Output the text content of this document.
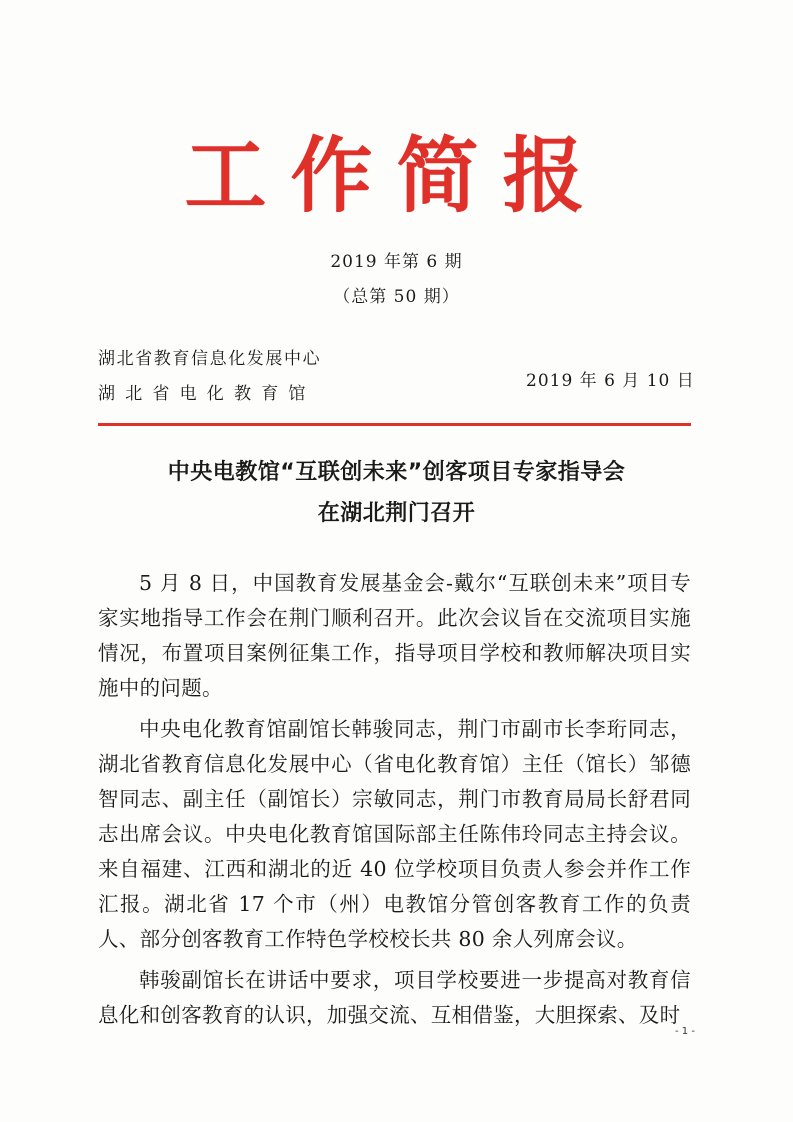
工作简报
2019 年第 6 期
（总第 50 期）
湖北省教育信息化发展中心
湖北省电化教育馆
2019 年 6 月 10 日
中央电教馆“互联创未来”创客项目专家指导会
在湖北荆门召开

5 月 8 日，中国教育发展基金会-戴尔“互联创未来”项目专家实地指导工作会在荆门顺利召开。此次会议旨在交流项目实施情况，布置项目案例征集工作，指导项目学校和教师解决项目实施中的问题。

中央电化教育馆副馆长韩骏同志，荆门市副市长李珩同志，湖北省教育信息化发展中心（省电化教育馆）主任（馆长）邹德智同志、副主任（副馆长）宗敏同志，荆门市教育局局长舒君同志出席会议。中央电化教育馆国际部主任陈伟玲同志主持会议。来自福建、江西和湖北的近 40 位学校项目负责人参会并作工作汇报。湖北省 17 个市（州）电教馆分管创客教育工作的负责人、部分创客教育工作特色学校校长共 80 余人列席会议。

韩骏副馆长在讲话中要求，项目学校要进一步提高对教育信息化和创客教育的认识，加强交流、互相借鉴，大胆探索、及时

- 1 -
